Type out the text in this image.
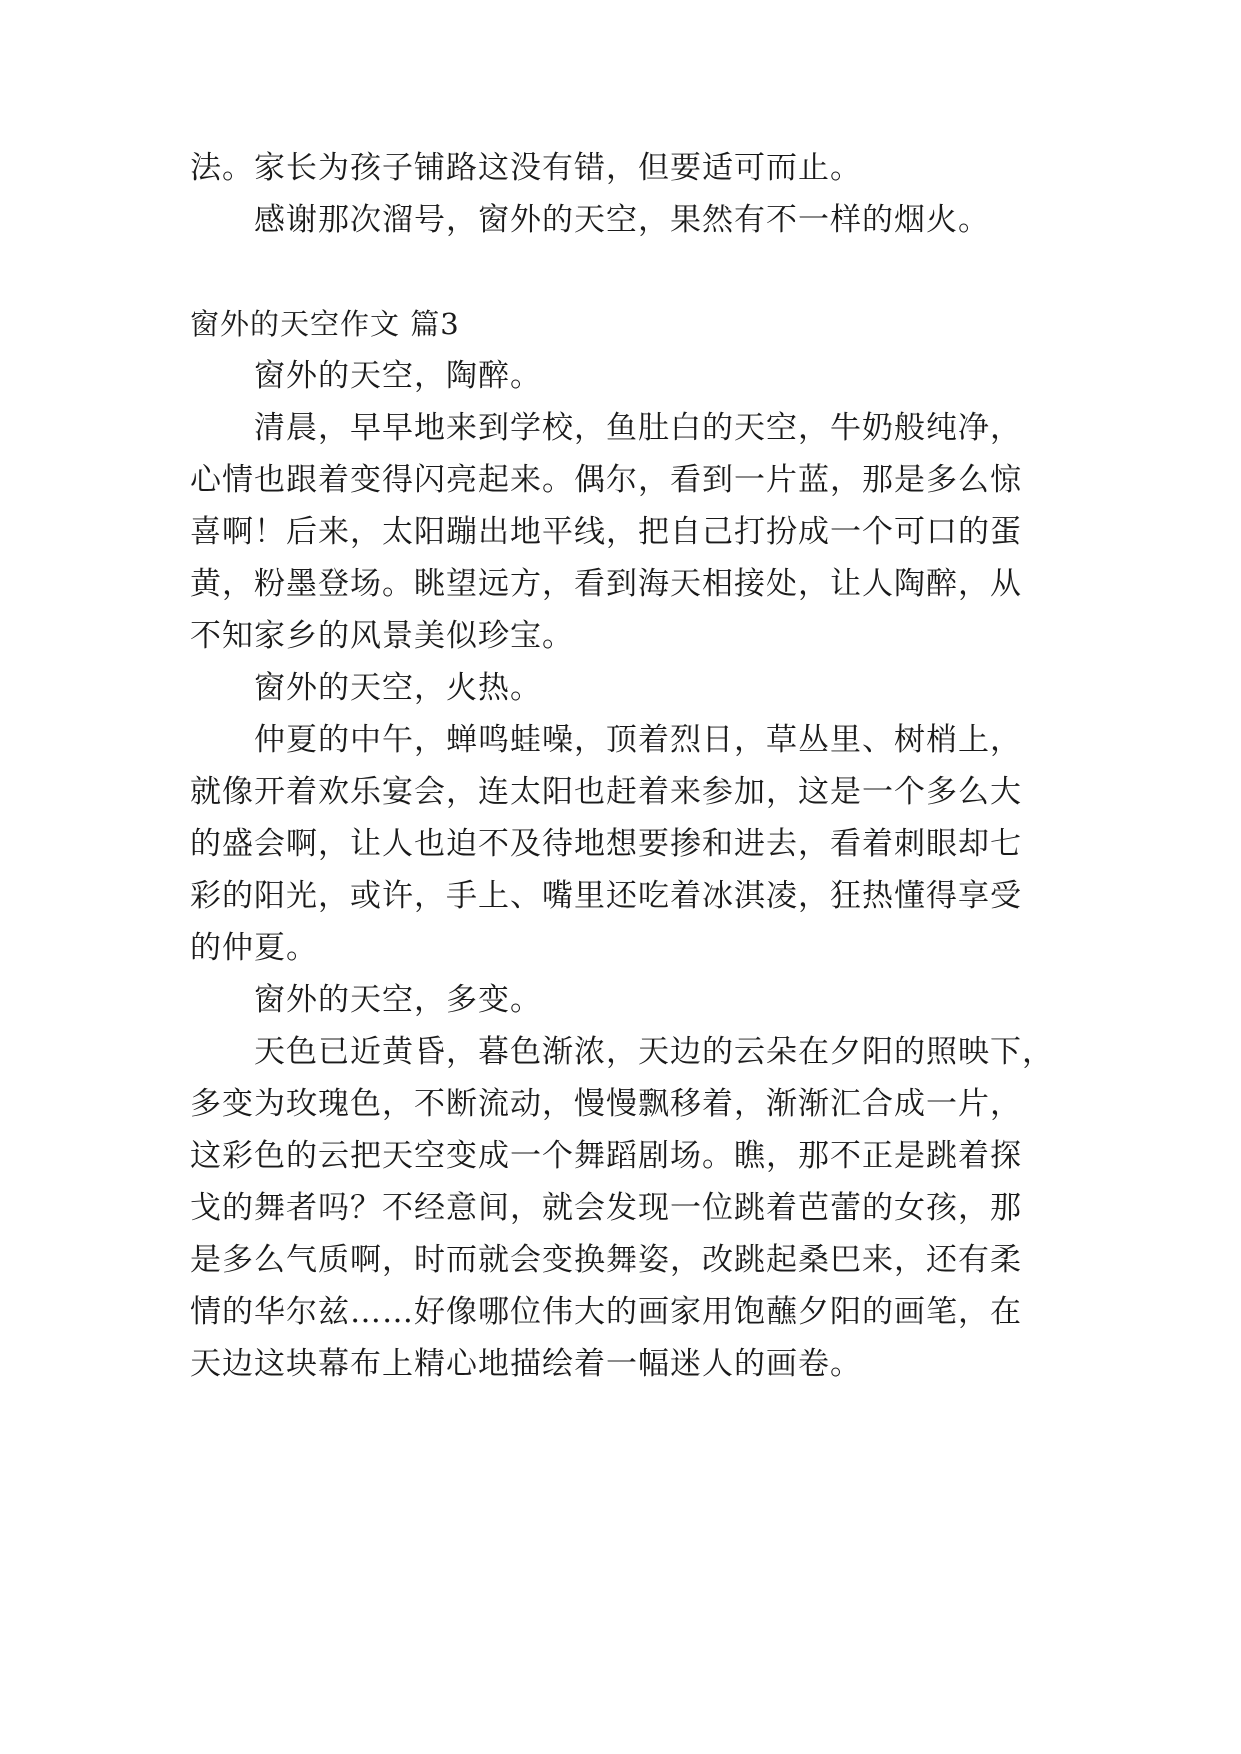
法。家长为孩子铺路这没有错，但要适可而止。
感谢那次溜号，窗外的天空，果然有不一样的烟火。
窗外的天空作文 篇3
窗外的天空，陶醉。
清晨，早早地来到学校，鱼肚白的天空，牛奶般纯净，
心情也跟着变得闪亮起来。偶尔，看到一片蓝，那是多么惊
喜啊！后来，太阳蹦出地平线，把自己打扮成一个可口的蛋
黄，粉墨登场。眺望远方，看到海天相接处，让人陶醉，从
不知家乡的风景美似珍宝。
窗外的天空，火热。
仲夏的中午，蝉鸣蛙噪，顶着烈日，草丛里、树梢上，
就像开着欢乐宴会，连太阳也赶着来参加，这是一个多么大
的盛会啊，让人也迫不及待地想要掺和进去，看着刺眼却七
彩的阳光，或许，手上、嘴里还吃着冰淇凌，狂热懂得享受
的仲夏。
窗外的天空，多变。
天色已近黄昏，暮色渐浓，天边的云朵在夕阳的照映下，
多变为玫瑰色，不断流动，慢慢飘移着，渐渐汇合成一片，
这彩色的云把天空变成一个舞蹈剧场。瞧，那不正是跳着探
戈的舞者吗？不经意间，就会发现一位跳着芭蕾的女孩，那
是多么气质啊，时而就会变换舞姿，改跳起桑巴来，还有柔
情的华尔兹……好像哪位伟大的画家用饱蘸夕阳的画笔，在
天边这块幕布上精心地描绘着一幅迷人的画卷。
